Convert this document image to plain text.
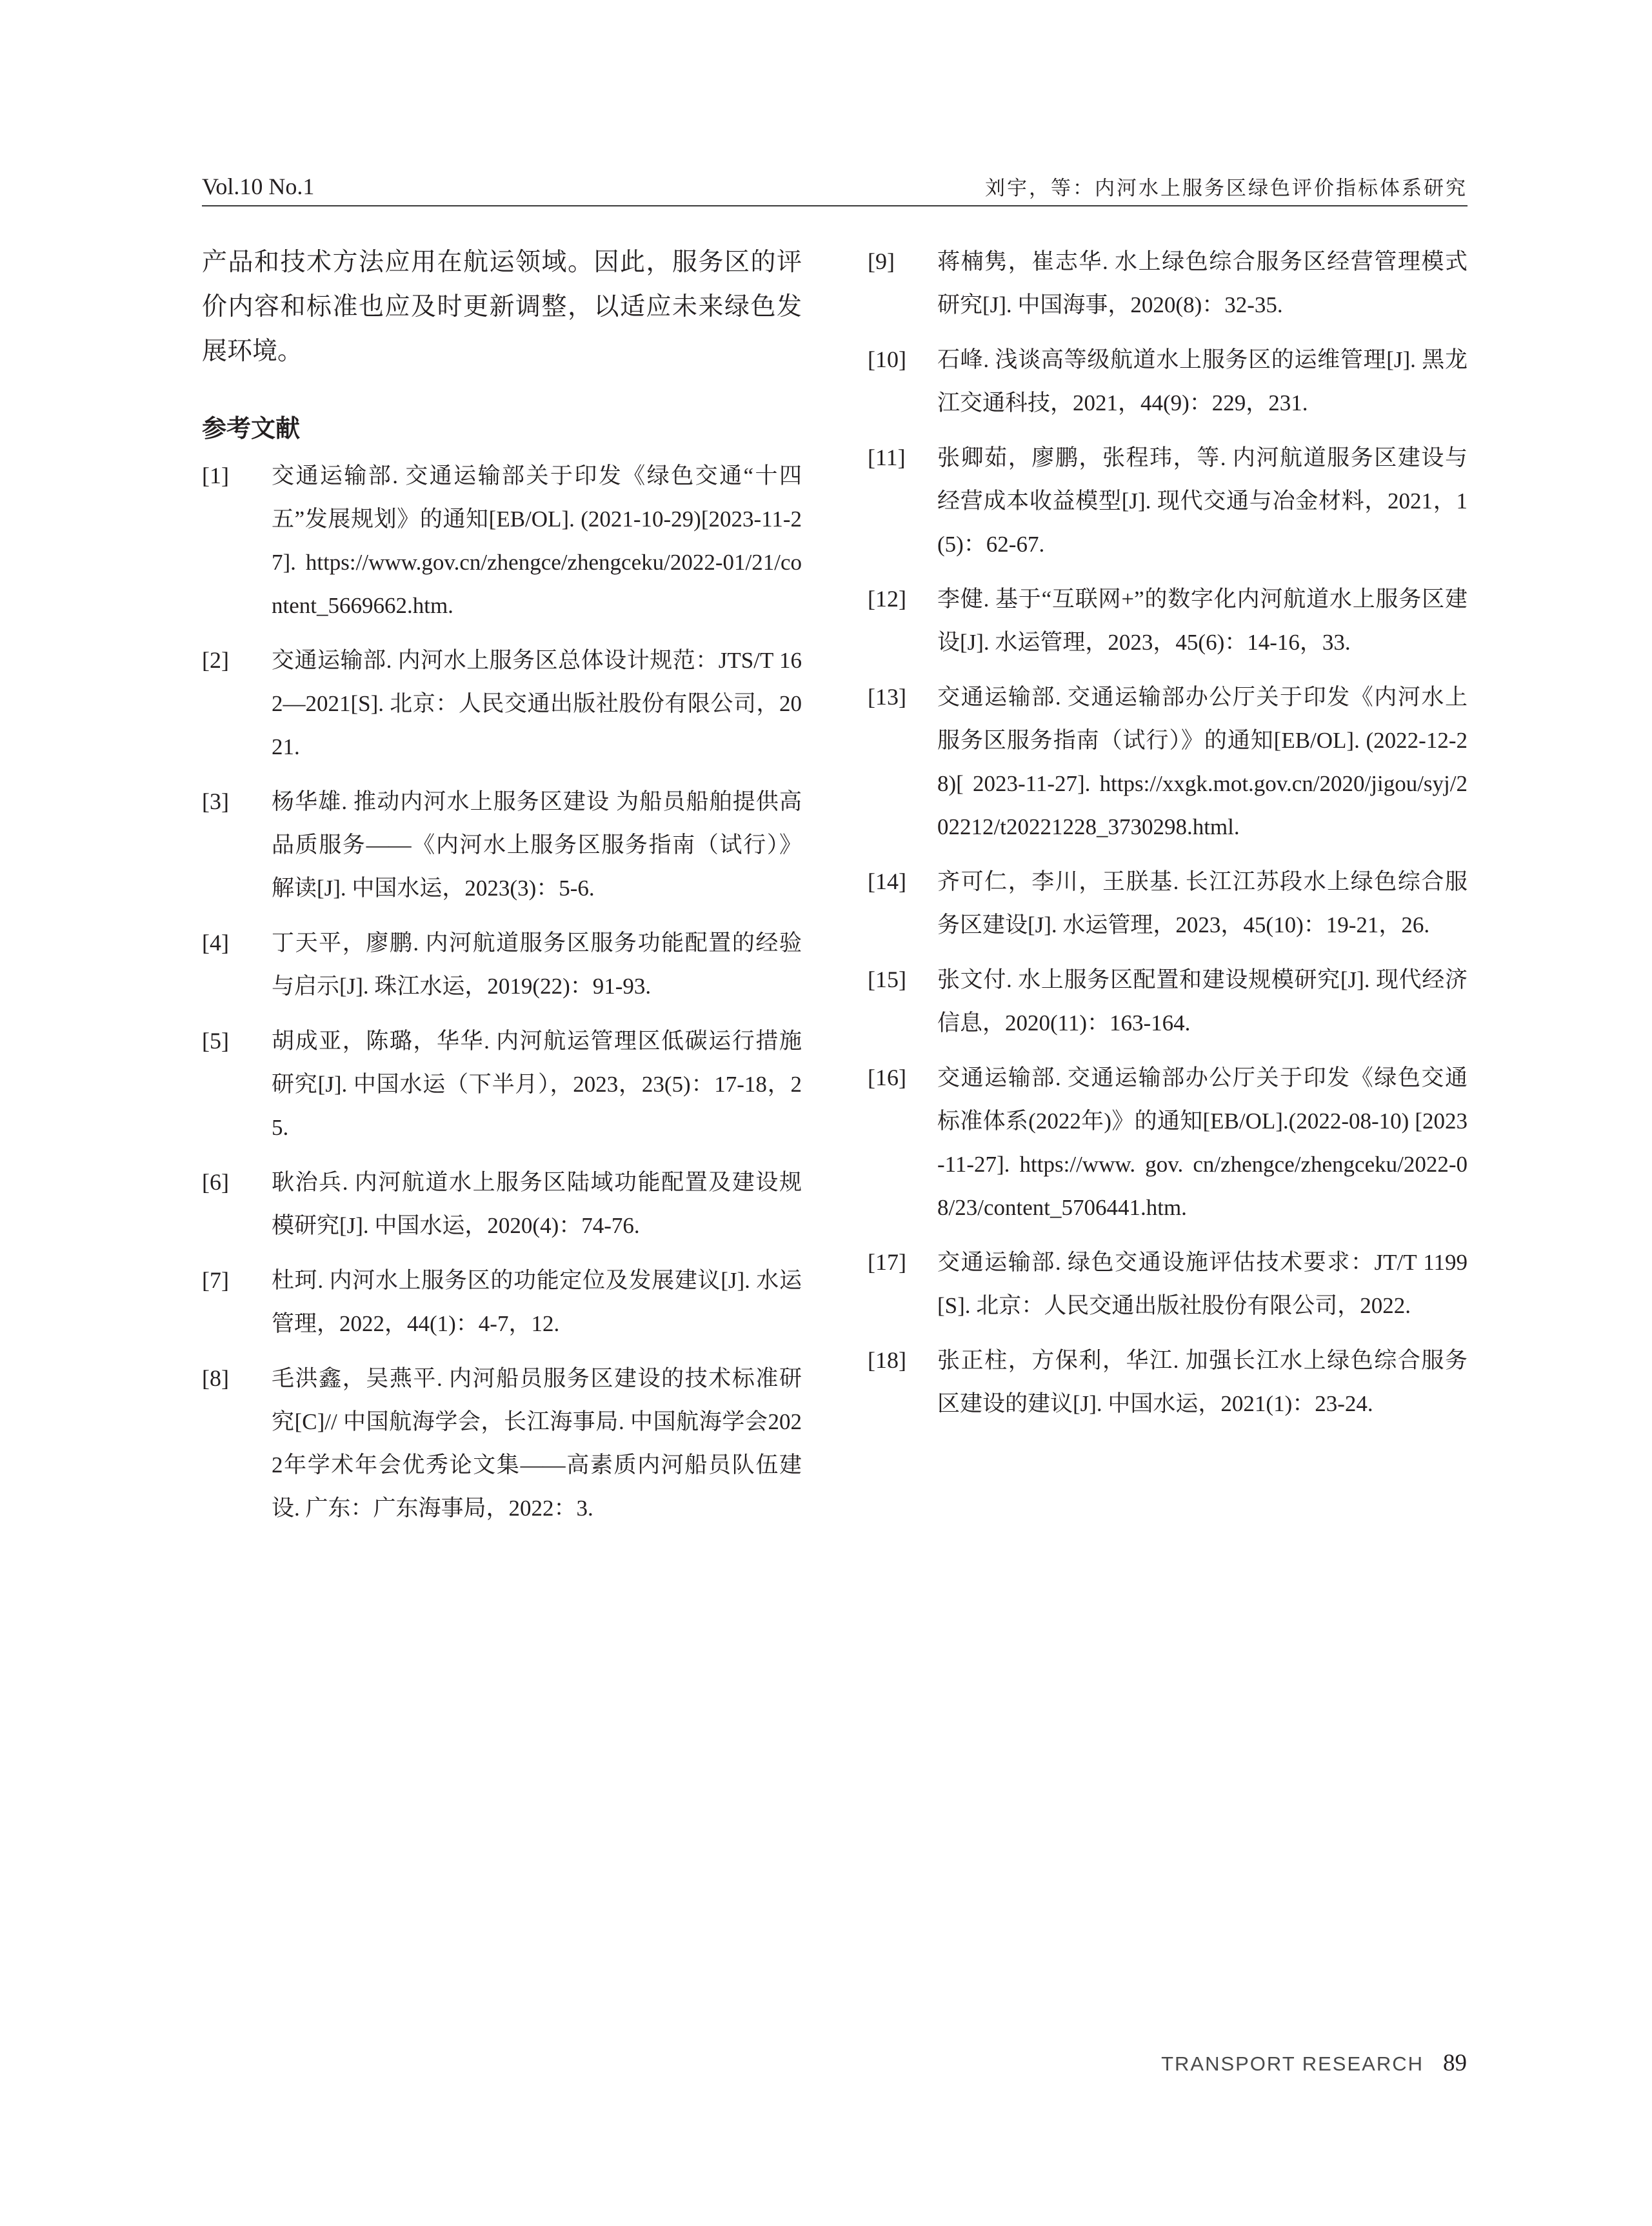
Vol.10 No.1	刘宇，等：内河水上服务区绿色评价指标体系研究

产品和技术方法应用在航运领域。因此，服务区的评价内容和标准也应及时更新调整，以适应未来绿色发展环境。

参考文献
[1]	交通运输部. 交通运输部关于印发《绿色交通“十四五”发展规划》的通知[EB/OL]. (2021-10-29)[2023-11-27]. https://www.gov.cn/zhengce/zhengceku/2022-01/21/content_5669662.htm.
[2]	交通运输部. 内河水上服务区总体设计规范：JTS/T 162—2021[S]. 北京：人民交通出版社股份有限公司，2021.
[3]	杨华雄. 推动内河水上服务区建设 为船员船舶提供高品质服务——《内河水上服务区服务指南（试行）》解读[J]. 中国水运，2023(3)：5-6.
[4]	丁天平，廖鹏. 内河航道服务区服务功能配置的经验与启示[J]. 珠江水运，2019(22)：91-93.
[5]	胡成亚，陈璐，华华. 内河航运管理区低碳运行措施研究[J]. 中国水运（下半月），2023，23(5)：17-18，25.
[6]	耿治兵. 内河航道水上服务区陆域功能配置及建设规模研究[J]. 中国水运，2020(4)：74-76.
[7]	杜珂. 内河水上服务区的功能定位及发展建议[J]. 水运管理，2022，44(1)：4-7，12.
[8]	毛洪鑫，吴燕平. 内河船员服务区建设的技术标准研究[C]// 中国航海学会，长江海事局. 中国航海学会2022年学术年会优秀论文集——高素质内河船员队伍建设. 广东：广东海事局，2022：3.
[9]	蒋楠隽，崔志华. 水上绿色综合服务区经营管理模式研究[J]. 中国海事，2020(8)：32-35.
[10]	石峰. 浅谈高等级航道水上服务区的运维管理[J]. 黑龙江交通科技，2021，44(9)：229，231.
[11]	张卿茹，廖鹏，张程玮，等. 内河航道服务区建设与经营成本收益模型[J]. 现代交通与冶金材料，2021，1(5)：62-67.
[12]	李健. 基于“互联网+”的数字化内河航道水上服务区建设[J]. 水运管理，2023，45(6)：14-16，33.
[13]	交通运输部. 交通运输部办公厅关于印发《内河水上服务区服务指南（试行）》的通知[EB/OL]. (2022-12-28)[ 2023-11-27]. https://xxgk.mot.gov.cn/2020/jigou/syj/202212/t20221228_3730298.html.
[14]	齐可仁，李川，王朕基. 长江江苏段水上绿色综合服务区建设[J]. 水运管理，2023，45(10)：19-21，26.
[15]	张文付. 水上服务区配置和建设规模研究[J]. 现代经济信息，2020(11)：163-164.
[16]	交通运输部. 交通运输部办公厅关于印发《绿色交通标准体系(2022年)》的通知[EB/OL].(2022-08-10) [2023-11-27]. https://www. gov. cn/zhengce/zhengceku/2022-08/23/content_5706441.htm.
[17]	交通运输部. 绿色交通设施评估技术要求：JT/T 1199[S]. 北京：人民交通出版社股份有限公司，2022.
[18]	张正柱，方保利，华江. 加强长江水上绿色综合服务区建设的建议[J]. 中国水运，2021(1)：23-24.
TRANSPORT RESEARCH 89
